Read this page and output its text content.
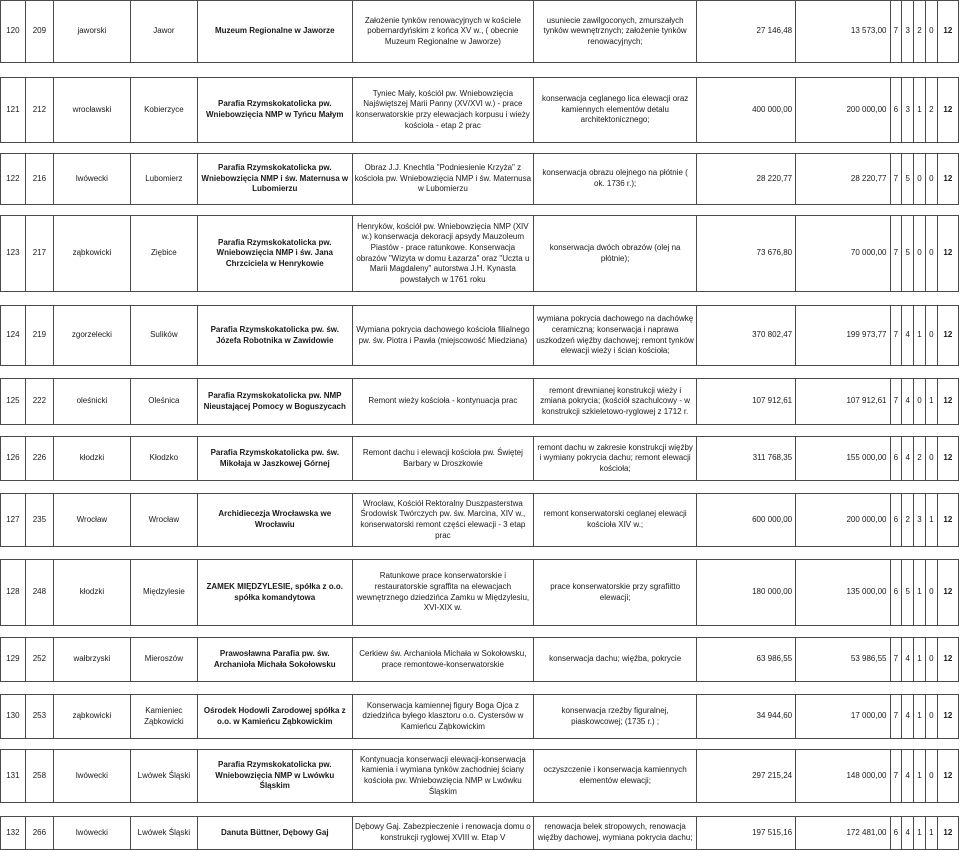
120	209	jaworski	Jawor	Muzeum Regionalne w Jaworze	Założenie tynków renowacyjnych w kościele pobernardyńskim z końca XV w., ( obecnie Muzeum Regionalne w Jaworze)	usuniecie zawilgoconych, zmurszałych tynków wewnętrznych; założenie tynków renowacyjnych;	27 146,48	13 573,00	7	3	2	0	12

121	212	wrocławski	Kobierzyce	Parafia Rzymskokatolicka pw. Wniebowzięcia NMP w Tyńcu Małym	Tyniec Mały, kościół pw. Wniebowzięcia Najświętszej Marii Panny (XV/XVI w.) - prace konserwatorskie przy elewacjach korpusu i wieży kościoła - etap 2 prac	konserwacja ceglanego lica elewacji oraz kamiennych elementów detalu architektonicznego;	400 000,00	200 000,00	6	3	1	2	12

122	216	lwówecki	Lubomierz	Parafia Rzymskokatolicka pw. Wniebowzięcia NMP i św. Maternusa w Lubomierzu	Obraz J.J. Knechtla "Podniesienie Krzyża" z kościoła pw. Wniebowzięcia NMP i św. Maternusa w Lubomierzu	konserwacja obrazu olejnego na płótnie ( ok. 1736 r.);	28 220,77	28 220,77	7	5	0	0	12

123	217	ząbkowicki	Ziębice	Parafia Rzymskokatolicka pw. Wniebowzięcia NMP i św. Jana Chrzciciela w Henrykowie	Henryków, kościół pw. Wniebowzięcia NMP (XIV w.) konserwacja dekoracji apsydy Mauzoleum Piastów - prace ratunkowe. Konserwacja obrazów "Wizyta w domu Łazarza" oraz "Uczta u Marii Magdaleny" autorstwa J.H. Kynasta powstałych w 1761 roku	konserwacja dwóch obrazów (olej na płótnie);	73 676,80	70 000,00	7	5	0	0	12

124	219	zgorzelecki	Sulików	Parafia Rzymskokatolicka pw. św. Józefa Robotnika w Zawidowie	Wymiana pokrycia dachowego kościoła filialnego pw. św. Piotra i Pawła (miejscowość Miedziana)	wymiana pokrycia dachowego na dachówkę ceramiczną; konserwacja i naprawa uszkodzeń więźby dachowej; remont tynków elewacji wieży i ścian kościoła;	370 802,47	199 973,77	7	4	1	0	12

125	222	oleśnicki	Oleśnica	Parafia Rzymskokatolicka pw. NMP Nieustającej Pomocy w Boguszycach	Remont wieży kościoła - kontynuacja prac	remont drewnianej konstrukcji wieży i zmiana pokrycia; (kościół szachulcowy - w konstrukcji szkieletowo-ryglowej z 1712 r.	107 912,61	107 912,61	7	4	0	1	12

126	226	kłodzki	Kłodzko	Parafia Rzymskokatolicka pw. św. Mikołaja w Jaszkowej Górnej	Remont dachu i elewacji kościoła pw. Świętej Barbary w Droszkowie	remont dachu w zakresie konstrukcji więźby i wymiany pokrycia dachu; remont elewacji kościoła;	311 768,35	155 000,00	6	4	2	0	12

127	235	Wrocław	Wrocław	Archidiecezja Wrocławska we Wrocławiu	Wrocław, Kościół Rektoralny Duszpasterstwa Środowisk Twórczych pw. św. Marcina, XIV w., konserwatorski remont części elewacji - 3 etap prac	remont konserwatorski ceglanej elewacji kościoła XIV w.;	600 000,00	200 000,00	6	2	3	1	12

128	248	kłodzki	Międzylesie	ZAMEK MIĘDZYLESIE, spółka z o.o. spółka komandytowa	Ratunkowe prace konserwatorskie i restauratorskie sgraffita na elewacjach wewnętrznego dziedzińca Zamku w Międzylesiu, XVI-XIX w.	prace konserwatorskie przy sgrafiitto elewacji;	180 000,00	135 000,00	6	5	1	0	12

129	252	wałbrzyski	Mieroszów	Prawosławna Parafia pw. św. Archanioła Michała Sokołowsku	Cerkiew św. Archanioła Michała w Sokołowsku, prace remontowe-konserwatorskie	konserwacja dachu; więźba, pokrycie	63 986,55	53 986,55	7	4	1	0	12

130	253	ząbkowicki	Kamieniec Ząbkowicki	Ośrodek Hodowli Zarodowej spółka z o.o. w Kamieńcu Ząbkowickim	Konserwacja kamiennej figury Boga Ojca z dziedzińca byłego klasztoru o.o. Cystersów w Kamieńcu Ząbkowickim	konserwacja rzeźby figuralnej, piaskowcowej; (1735 r.) ;	34 944,60	17 000,00	7	4	1	0	12

131	258	lwówecki	Lwówek Śląski	Parafia Rzymskokatolicka pw. Wniebowzięcia NMP w Lwówku Śląskim	Kontynuacja konserwacji elewacji-konserwacja kamienia i wymiana tynków zachodniej ściany kościoła pw. Wniebowzięcia NMP w Lwówku Śląskim	oczyszczenie i konserwacja kamiennych elementów elewacji;	297 215,24	148 000,00	7	4	1	0	12

132	266	lwówecki	Lwówek Śląski	Danuta Büttner, Dębowy Gaj	Dębowy Gaj. Zabezpieczenie i renowacja domu o konstrukcji ryglowej XVIII w. Etap V	renowacja belek stropowych, renowacja więźby dachowej, wymiana pokrycia dachu;	197 515,16	172 481,00	6	4	1	1	12
